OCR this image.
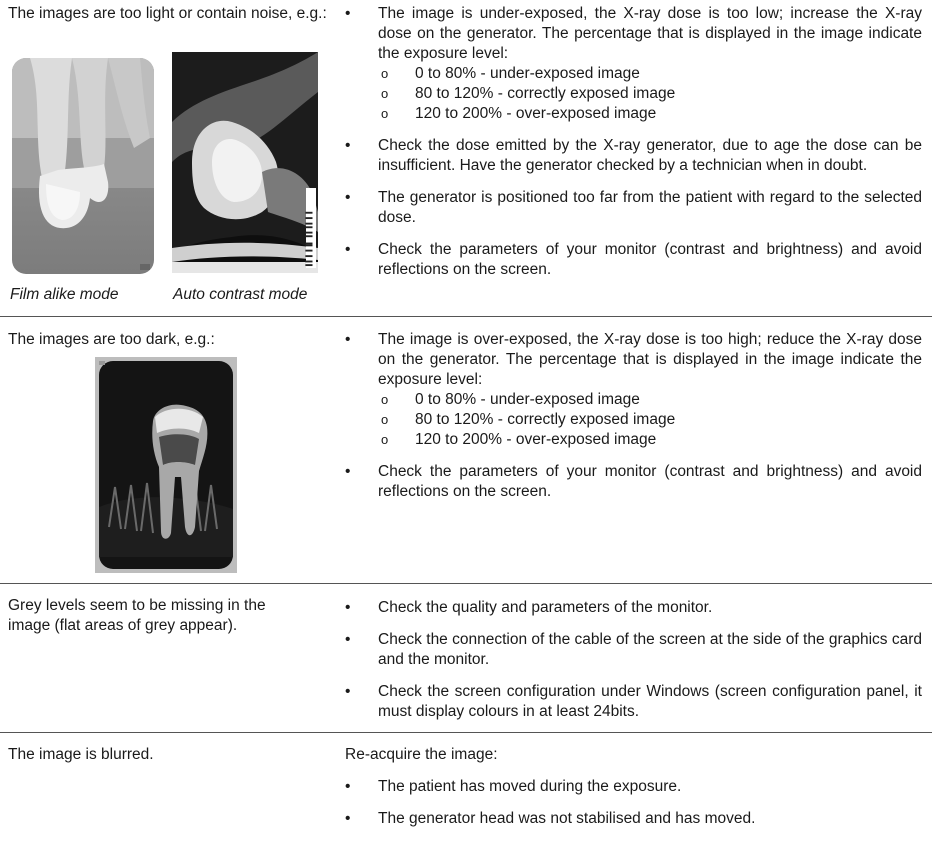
The images are too light or contain noise, e.g.:
▌▌▐ ▌▐▌ ▌▌▐▐ ▌▐
Film alike mode	Auto contrast mode
• The image is under-exposed, the X-ray dose is too low; increase the X-ray dose on the generator. The percentage that is displayed in the image indicate the exposure level:
o 0 to 80% - under-exposed image
o 80 to 120% - correctly exposed image
o 120 to 200% - over-exposed image
• Check the dose emitted by the X-ray generator, due to age the dose can be insufficient. Have the generator checked by a technician when in doubt.
• The generator is positioned too far from the patient with regard to the selected dose.
• Check the parameters of your monitor (contrast and brightness) and avoid reflections on the screen.
The images are too dark, e.g.:
•	The image is over-exposed, the X-ray dose is too high; reduce the X-ray dose on the generator. The percentage that is displayed in the image indicate the exposure level:
o 0 to 80% - under-exposed image
o 80 to 120% - correctly exposed image
o 120 to 200% - over-exposed image
• Check the parameters of your monitor (contrast and brightness) and avoid reflections on the screen.
Grey levels seem to be missing in the image (flat areas of grey appear).
• Check the quality and parameters of the monitor.
• Check the connection of the cable of the screen at the side of the graphics card and the monitor.
• Check the screen configuration under Windows (screen configuration panel, it must display colours in at least 24bits.
The image is blurred.	Re-acquire the image:
• The patient has moved during the exposure.
• The generator head was not stabilised and has moved.
